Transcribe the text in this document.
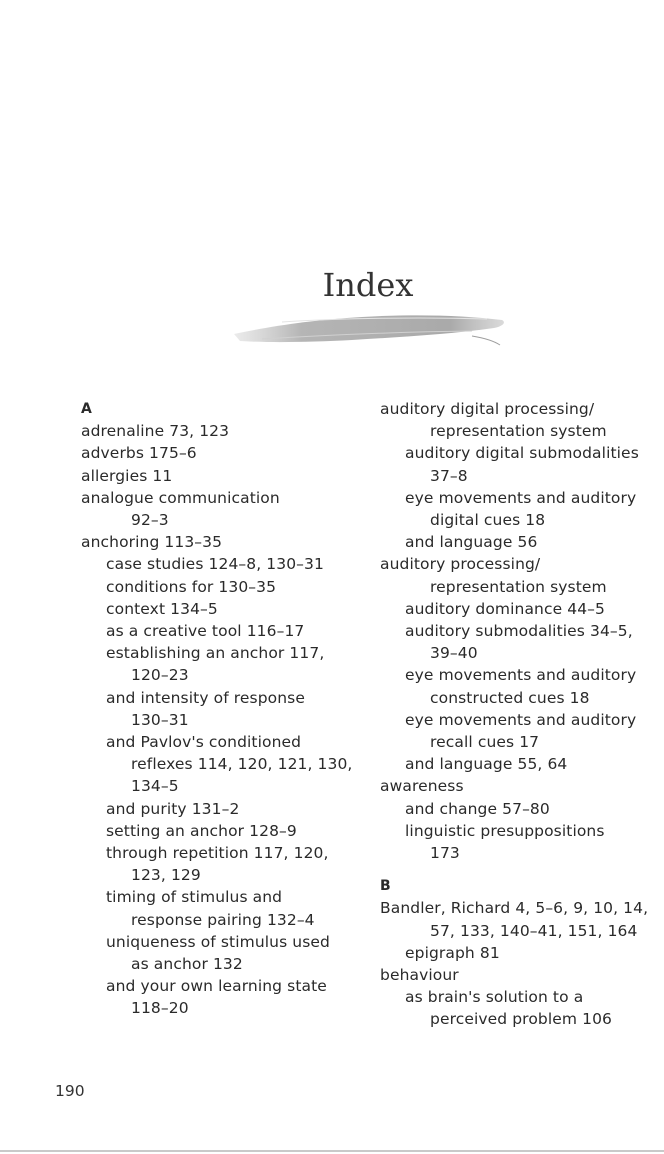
Index
A
adrenaline 73, 123
adverbs 175–6
allergies 11
analogue communication
92–3
anchoring 113–35
case studies 124–8, 130–31
conditions for 130–35
context 134–5
as a creative tool 116–17
establishing an anchor 117,
120–23
and intensity of response
130–31
and Pavlov's conditioned
reflexes 114, 120, 121, 130,
134–5
and purity 131–2
setting an anchor 128–9
through repetition 117, 120,
123, 129
timing of stimulus and
response pairing 132–4
uniqueness of stimulus used
as anchor 132
and your own learning state
118–20
auditory digital processing/
representation system
auditory digital submodalities
37–8
eye movements and auditory
digital cues 18
and language 56
auditory processing/
representation system
auditory dominance 44–5
auditory submodalities 34–5,
39–40
eye movements and auditory
constructed cues 18
eye movements and auditory
recall cues 17
and language 55, 64
awareness
and change 57–80
linguistic presuppositions
173
B
Bandler, Richard 4, 5–6, 9, 10, 14,
57, 133, 140–41, 151, 164
epigraph 81
behaviour
as brain's solution to a
perceived problem 106
190
